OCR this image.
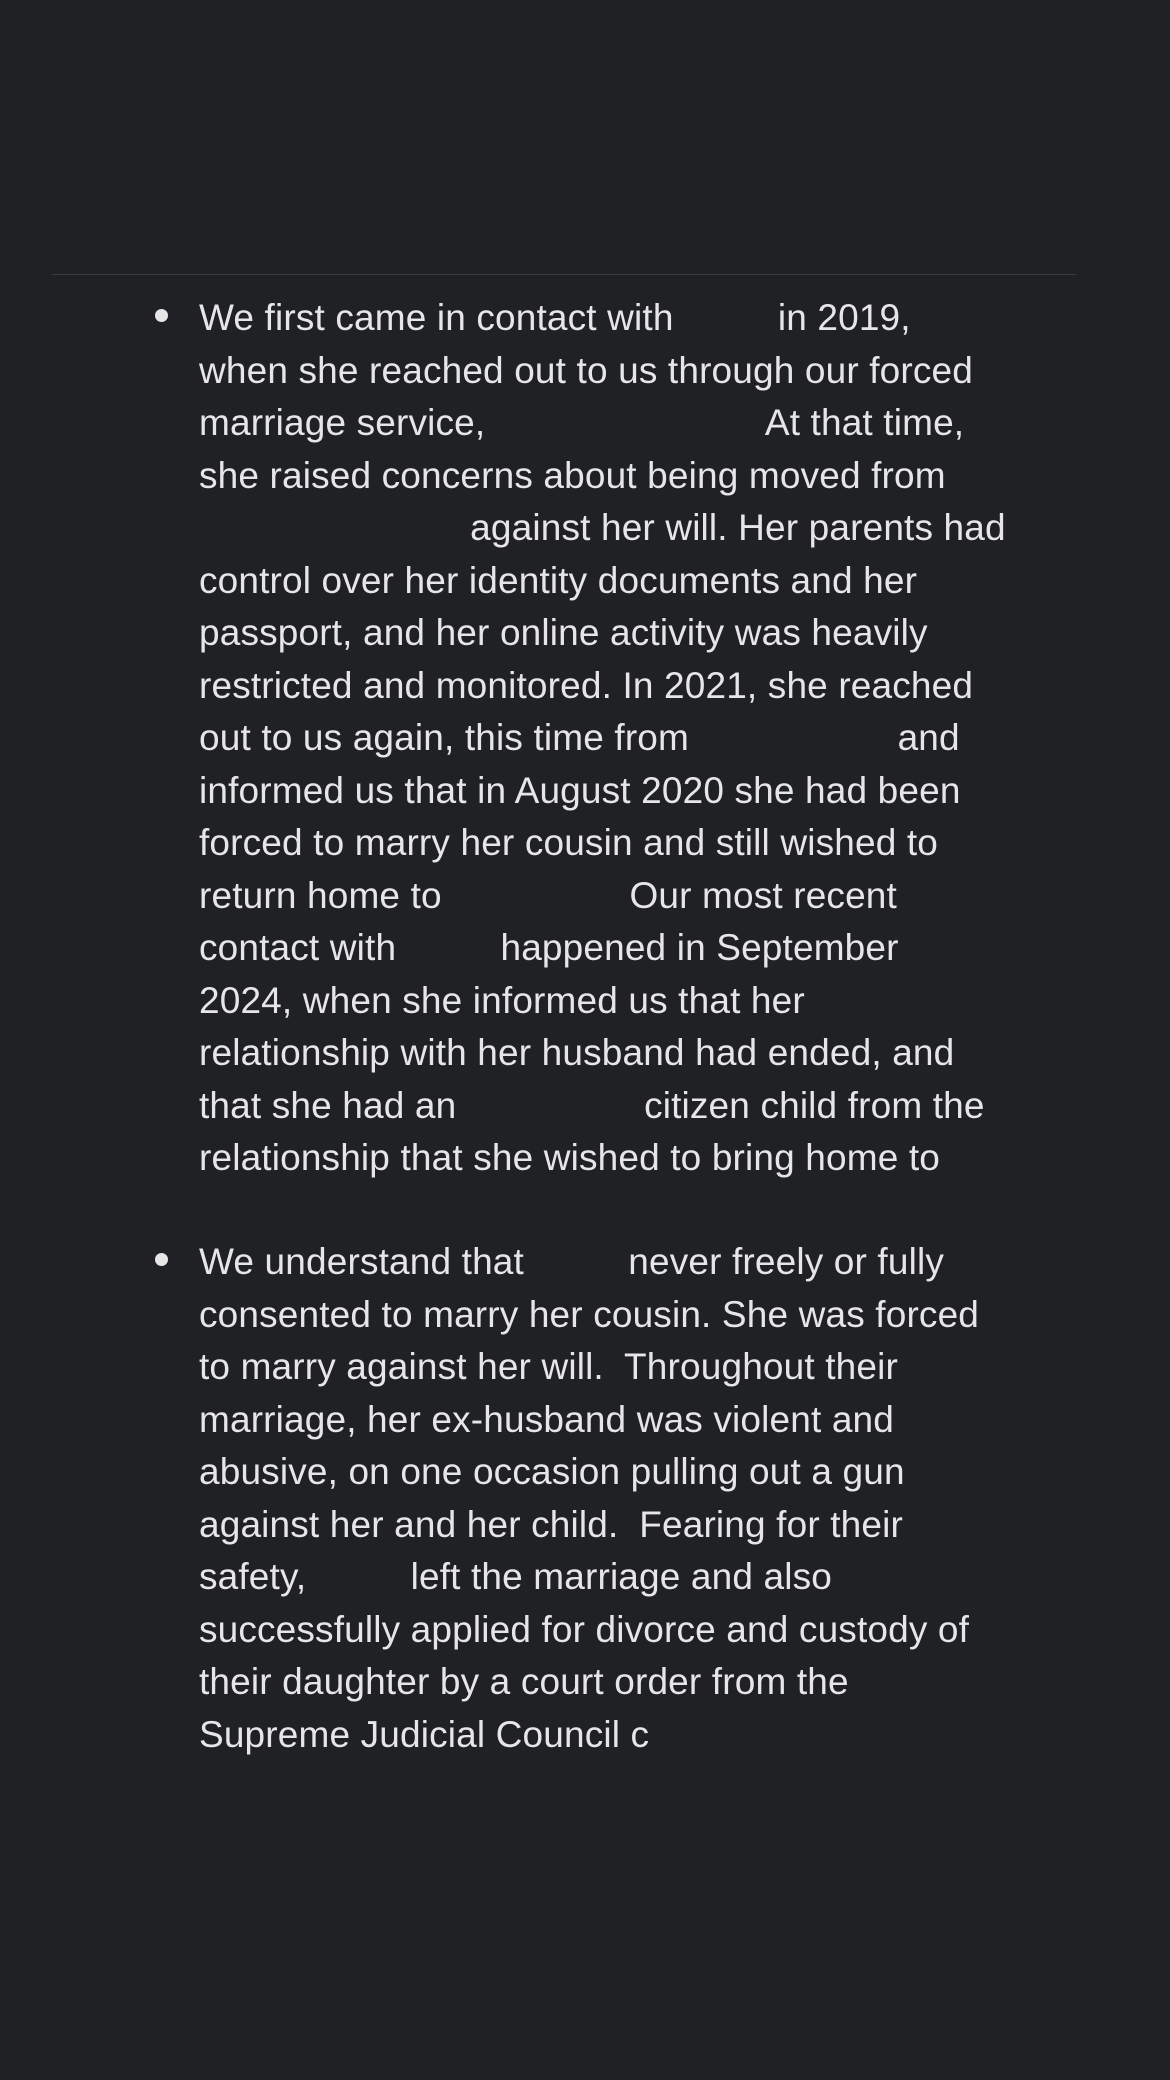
We first came in contact with          in 2019,
when she reached out to us through our forced
marriage service,                           At that time,
she raised concerns about being moved from
against her will. Her parents had
control over her identity documents and her
passport, and her online activity was heavily
restricted and monitored. In 2021, she reached
out to us again, this time from                    and
informed us that in August 2020 she had been
forced to marry her cousin and still wished to
return home to                  Our most recent
contact with          happened in September
2024, when she informed us that her
relationship with her husband had ended, and
that she had an                  citizen child from the
relationship that she wished to bring home to
We understand that          never freely or fully
consented to marry her cousin. She was forced
to marry against her will.  Throughout their
marriage, her ex-husband was violent and
abusive, on one occasion pulling out a gun
against her and her child.  Fearing for their
safety,          left the marriage and also
successfully applied for divorce and custody of
their daughter by a court order from the
Supreme Judicial Council c
